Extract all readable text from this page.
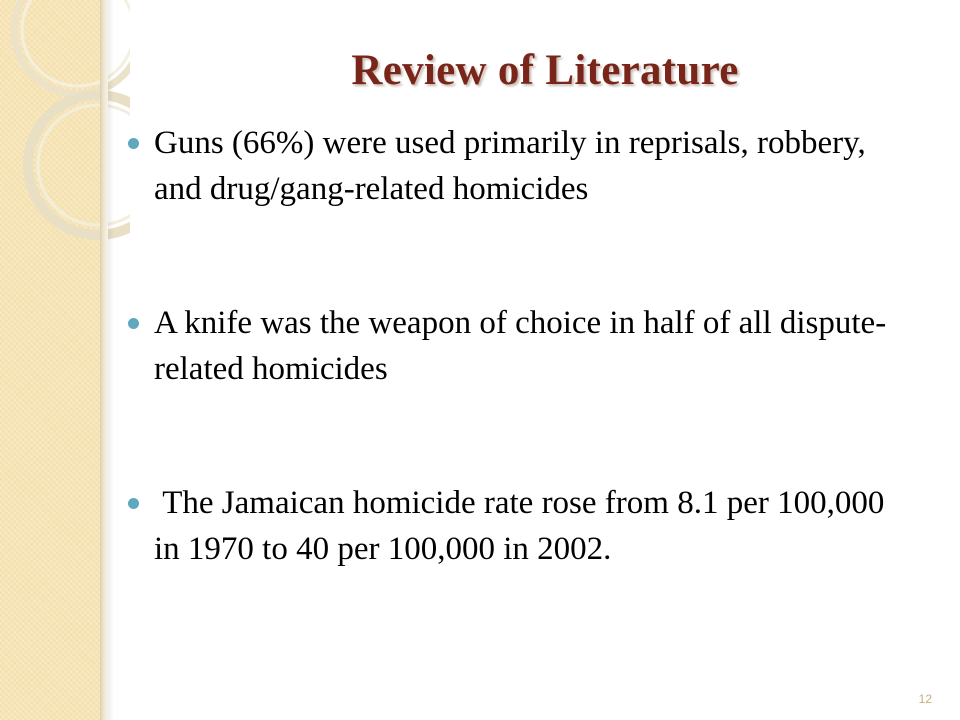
Review of Literature
Guns (66%) were used primarily in reprisals, robbery, and drug/gang-related homicides
A knife was the weapon of choice in half of all dispute-related homicides
The Jamaican homicide rate rose from 8.1 per 100,000 in 1970 to 40 per 100,000 in 2002.
12
